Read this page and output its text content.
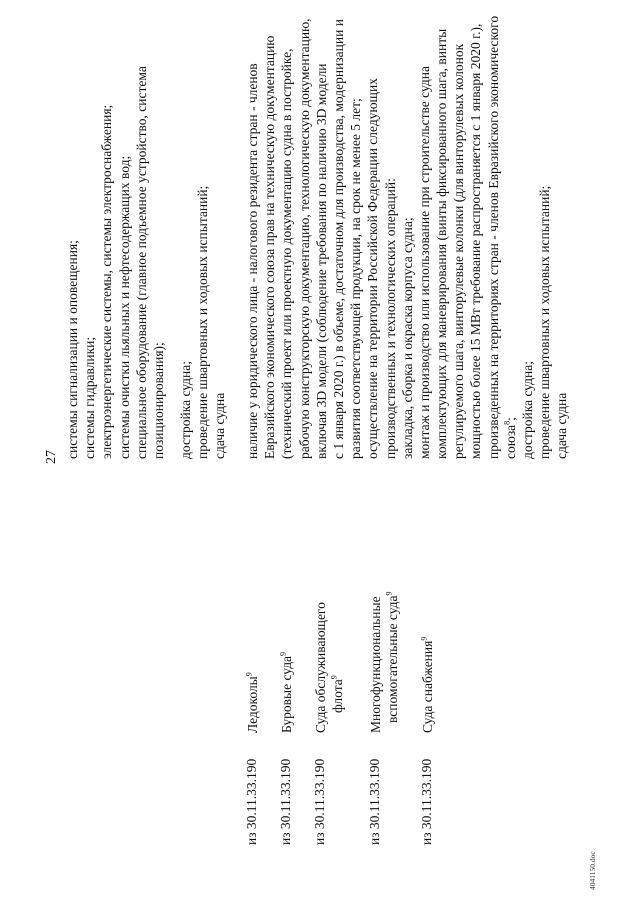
27 системы сигнализации и оповещения; системы гидравлики; электроэнергетические системы, системы электроснабжения; системы очистки льяльных и нефтесодержащих вод; специальное оборудование (главное подъемное устройство, система позиционирования); достройка судна; проведение швартовных и ходовых испытаний; сдача судна
из 30.11.33.190
Ледоколы$^9$
из 30.11.33.190
Буровые суда$^9$
из 30.11.33.190
Суда обслуживающего флота$^9$
из 30.11.33.190
Многофункциональные вспомогательные суда$^9$
из 30.11.33.190
Суда снабжения$^9$
наличие у юридического лица - налогового резидента стран - членов Евразийского экономического союза прав на техническую документацию (технический проект или проектную документацию судна в постройке, рабочую конструкторскую документацию, технологическую документацию, включая 3D модели (соблюдение требования по наличию 3D модели с 1 января 2020 г.) в объеме, достаточном для производства, модернизации и развития соответствующей продукции, на срок не менее 5 лет; осуществление на территории Российской Федерации следующих производственных и технологических операций: закладка, сборка и окраска корпуса судна; монтаж и производство или использование при строительстве судна комплектующих для маневрирования (винты фиксированного шага, винты регулируемого шага, винторулевые колонки (для винторулевых колонок мощностью более 15 МВт требование распространяется с 1 января 2020 г.), произведенных на территориях стран - членов Евразийского экономического союза$^8$; достройка судна; проведение швартовных и ходовых испытаний; сдача судна
4041150.doc
